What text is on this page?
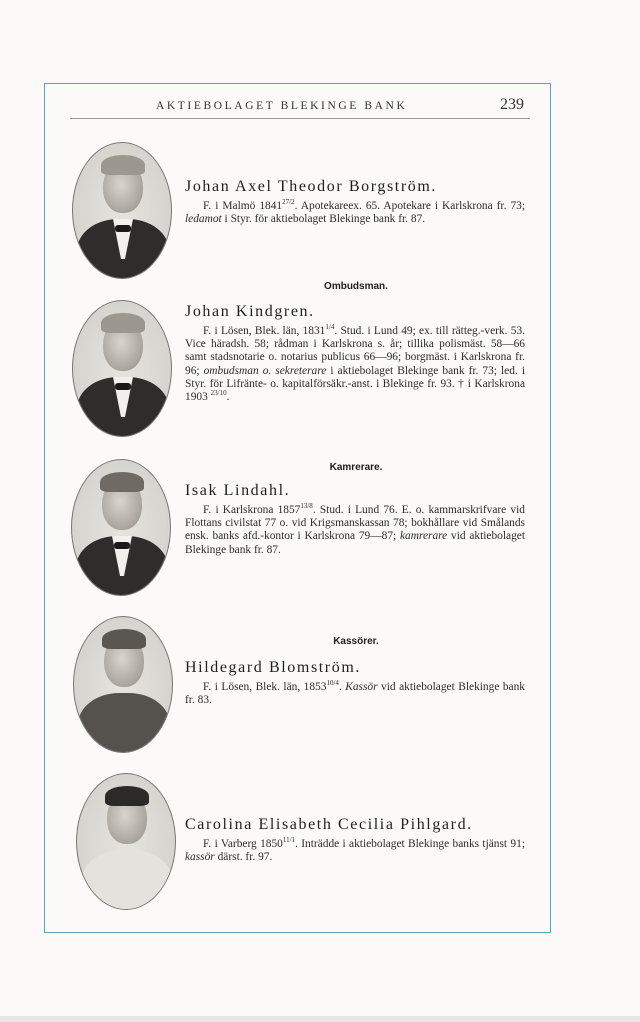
AKTIEBOLAGET BLEKINGE BANK	239

Johan Axel Theodor Borgström.

F. i Malmö $1841^{27/2}$. Apotekareex. 65. Apotekare i Karlskrona fr. 73; ledamot i Styr. för aktiebolaget Blekinge bank fr. 87.

Ombudsman.

Johan Kindgren.

F. i Lösen, Blek. län, $1831^{1/4}$. Stud. i Lund 49; ex. till rätteg.-verk. 53. Vice häradsh. 58; rådman i Karlskrona s. år; tillika polismäst. 58—66 samt stadsnotarie o. notarius publicus 66—96; borgmäst. i Karlskrona fr. 96; ombudsman o. sekreterare i aktiebolaget Blekinge bank fr. 73; led. i Styr. för Lifränte- o. kapitalförsäkr.-anst. i Blekinge fr. 93. † i Karlskrona 1903 $^{23/10}$.

Kamrerare.

Isak Lindahl.

F. i Karlskrona $1857^{13/8}$. Stud. i Lund 76. E. o. kammarskrifvare vid Flottans civilstat 77 o. vid Krigsmanskassan 78; bokhållare vid Smålands ensk. banks afd.-kontor i Karlskrona 79—87; kamrerare vid aktiebolaget Blekinge bank fr. 87.

Kassörer.

Hildegard Blomström.

F. i Lösen, Blek. län, $1853^{10/4}$. Kassör vid aktiebolaget Blekinge bank fr. 83.

Carolina Elisabeth Cecilia Pihlgard.

F. i Varberg $1850^{11/1}$. Inträdde i aktiebolaget Blekinge banks tjänst 91; kassör därst. fr. 97.
